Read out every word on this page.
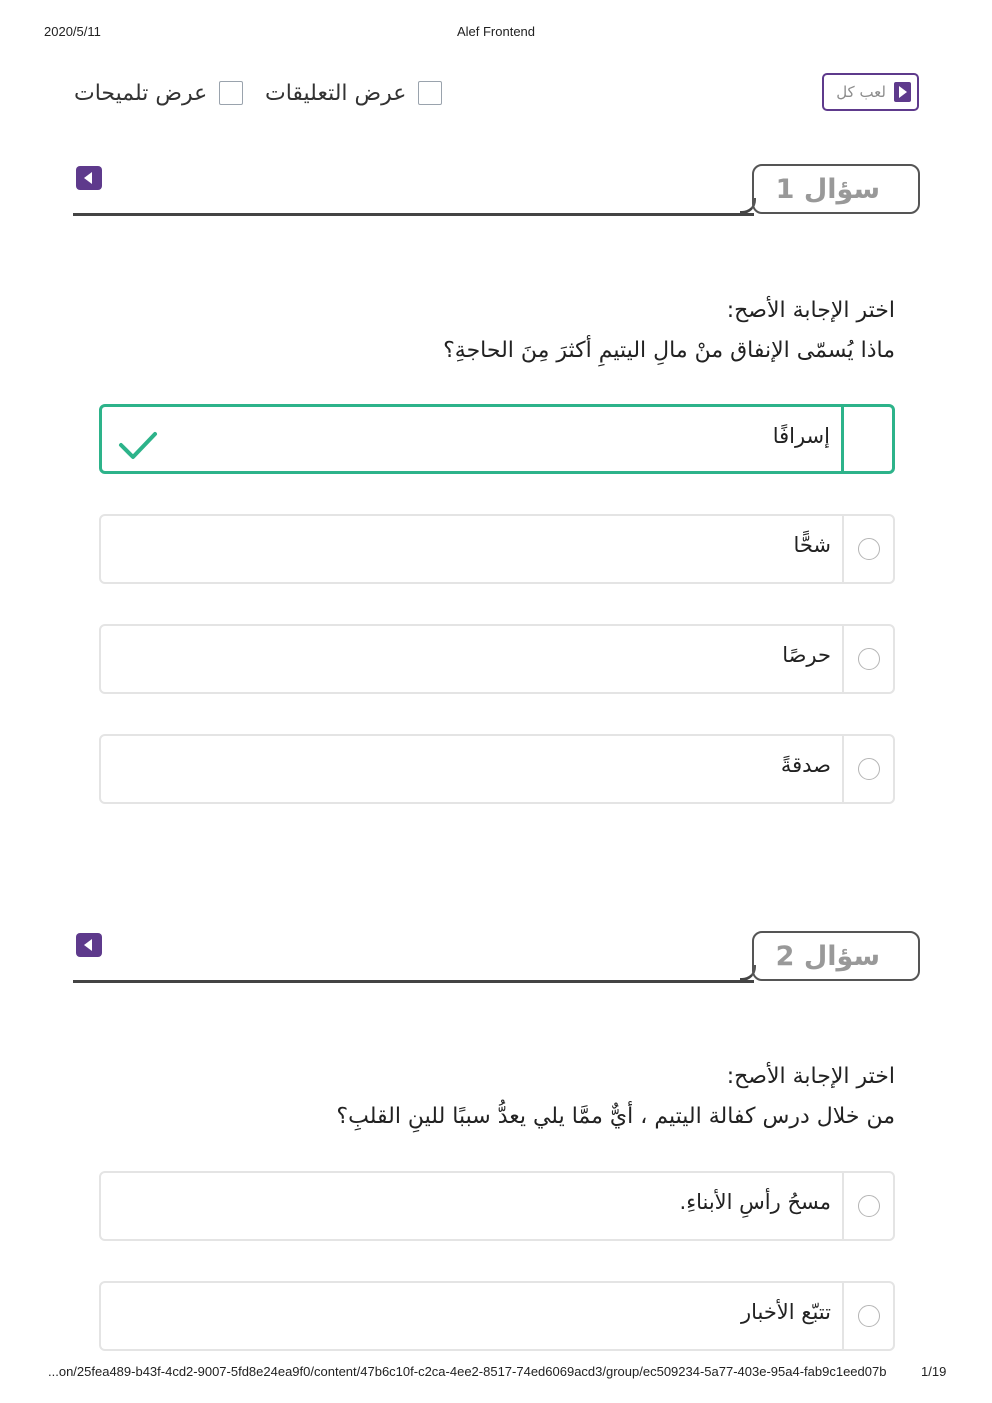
2020/5/11	Alef Frontend
عرض التعليقات
عرض تلميحات	لعب كل
سؤال 1
اختر الإجابة الأصح:
ماذا يُسمّى الإنفاق منْ مالِ اليتيمِ أكثرَ مِنَ الحاجةِ؟
إسرافًا
شحًّا
حرصًا
صدقةً
سؤال 2
اختر الإجابة الأصح:
من خلال درس كفالة اليتيم ، أيٌّ ممَّا يلي يعدُّ سببًا للينِ القلبِ؟
مسحُ رأسِ الأبناءِ.
تتبّع الأخبار
...on/25fea489-b43f-4cd2-9007-5fd8e24ea9f0/content/47b6c10f-c2ca-4ee2-8517-74ed6069acd3/group/ec509234-5a77-403e-95a4-fab9c1eed07b	1/19
